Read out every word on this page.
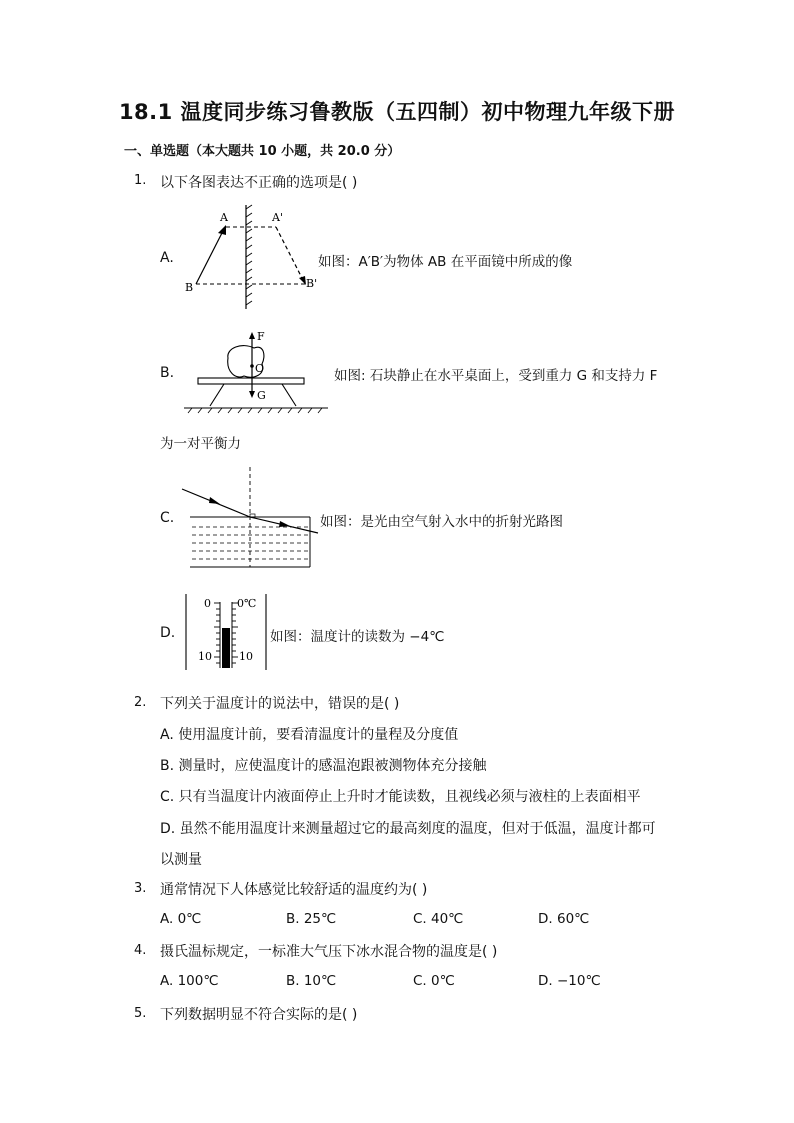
18.1 温度同步练习鲁教版（五四制）初中物理九年级下册
一、单选题（本大题共 10 小题，共 20.0 分）
1. 以下各图表达不正确的选项是( )
A.
A	A'
B	B'
如图：A′B′为物体 AB 在平面镜中所成的像
B.
F
O
G
如图: 石块静止在水平桌面上，受到重力 G 和支持力 F
为一对平衡力
C.	如图：是光由空气射入水中的折射光路图
D.
0 0℃
10 10
如图：温度计的读数为 −4℃
2. 下列关于温度计的说法中，错误的是( )
A. 使用温度计前，要看清温度计的量程及分度值
B. 测量时，应使温度计的感温泡跟被测物体充分接触
C. 只有当温度计内液面停止上升时才能读数，且视线必须与液柱的上表面相平
D. 虽然不能用温度计来测量超过它的最高刻度的温度，但对于低温，温度计都可
以测量
3. 通常情况下人体感觉比较舒适的温度约为( )
A. 0℃	B. 25℃	C. 40℃	D. 60℃
4. 摄氏温标规定，一标准大气压下冰水混合物的温度是( )
A. 100℃	B. 10℃	C. 0℃	D. −10℃
5. 下列数据明显不符合实际的是( )
